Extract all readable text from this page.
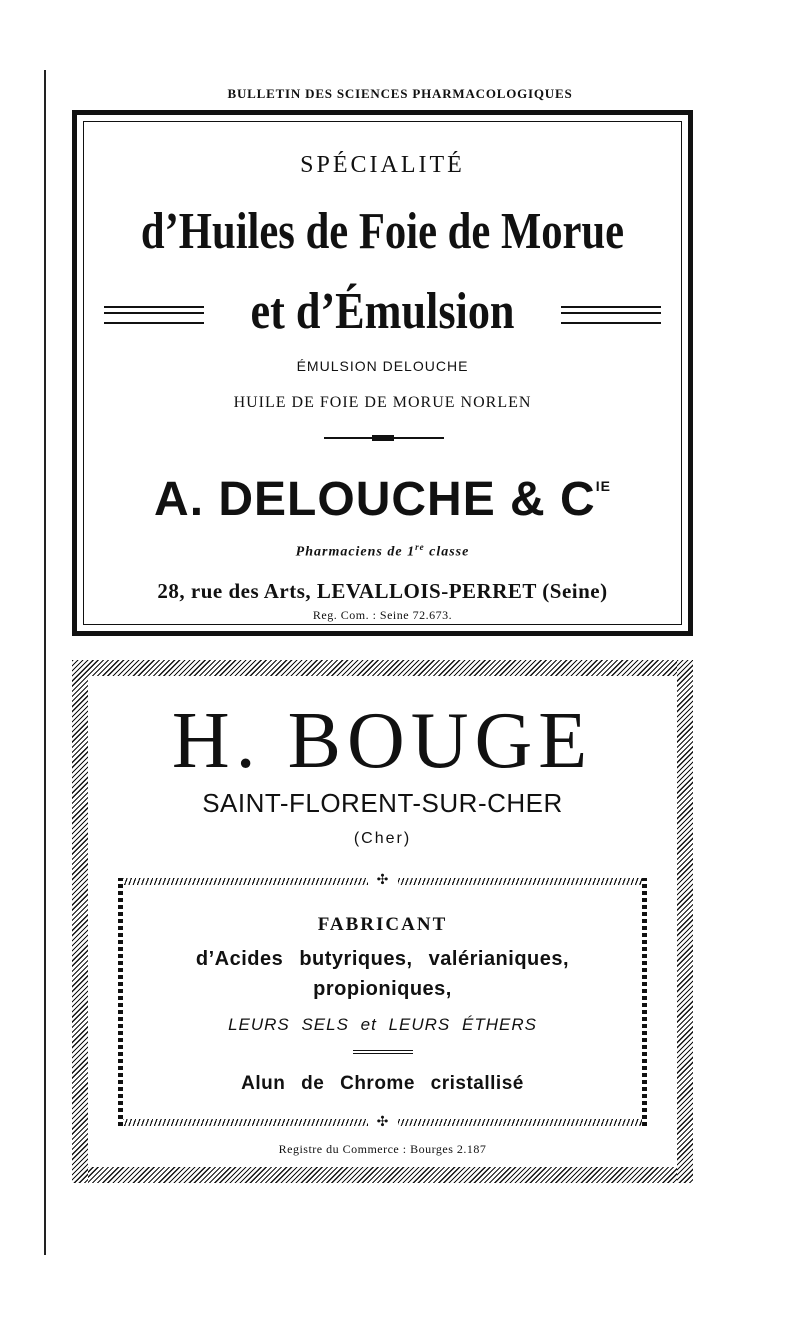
BULLETIN DES SCIENCES PHARMACOLOGIQUES
SPÉCIALITÉ
d’Huiles de Foie de Morue
et d’Émulsion
ÉMULSION DELOUCHE
HUILE DE FOIE DE MORUE NORLEN
A. DELOUCHE & $C^{IE}$
Pharmaciens de 1re classe
28, rue des Arts, LEVALLOIS-PERRET (Seine)
Reg. Com. : Seine 72.673.
H. BOUGE
SAINT-FLORENT-SUR-CHER
(Cher)
✣
✣
FABRICANT
d’Acides butyriques, valérianiques,
propioniques,
LEURS SELS et LEURS ÉTHERS
Alun de Chrome cristallisé
Registre du Commerce : Bourges 2.187
